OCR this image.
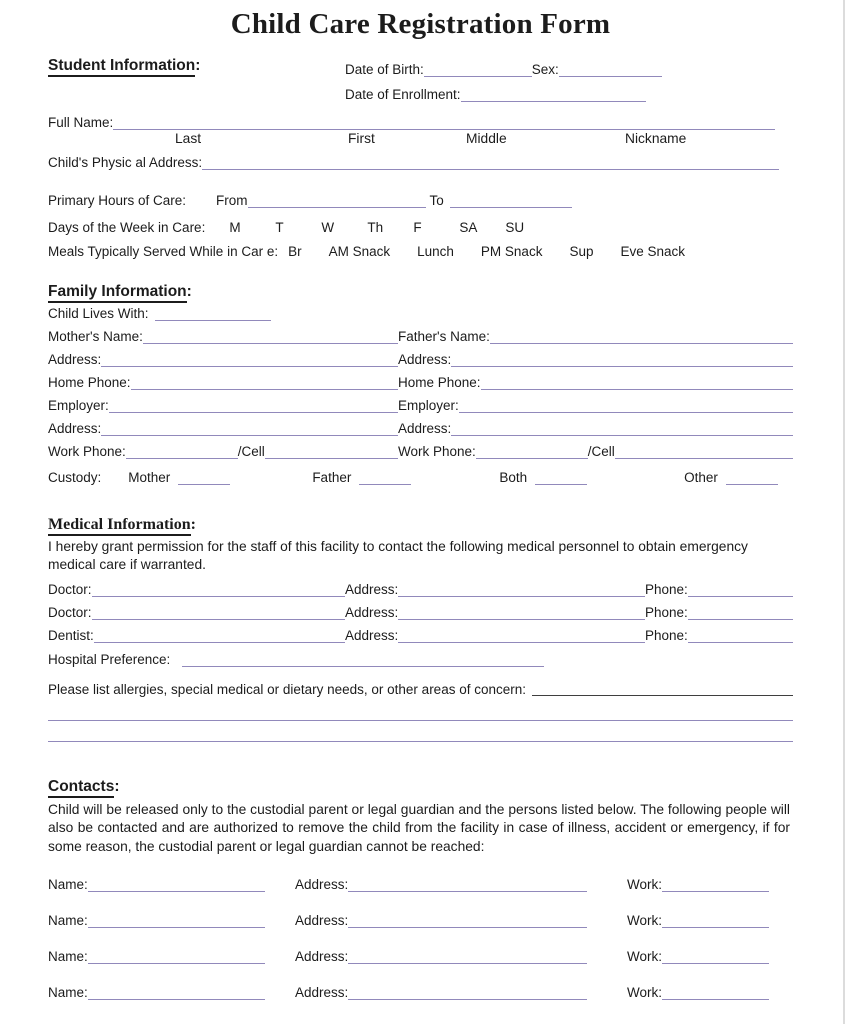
Child Care Registration Form
Student Information:	Date of Birth:	Sex:
Date of Enrollment:
Full Name:
Last	First	Middle	Nickname
Child's Physic al Address:
Primary Hours of Care: From	To
Days of the Week in Care: M	T	W	Th	F	SA	SU
Meals Typically Served While in Car e: Br AM Snack Lunch PM Snack Sup Eve Snack
Family Information:
Child Lives With:
Mother's Name:	Father's Name:
Address:	Address:
Home Phone:	Home Phone:
Employer:	Employer:
Address:	Address:
Work Phone:	/Cell	Work Phone:	/Cell
Custody: Mother	Father	Both	Other
Medical Information:
I hereby grant permission for the staff of this facility to contact the following medical personnel to obtain emergency medical care if warranted.
Doctor:	Address:	Phone:
Doctor:	Address:	Phone:
Dentist:	Address:	Phone:
Hospital Preference:
Please list allergies, special medical or dietary needs, or other areas of concern:
Contacts:
Child will be released only to the custodial parent or legal guardian and the persons listed below. The following people will also be contacted and are authorized to remove the child from the facility in case of illness, accident or emergency, if for some reason, the custodial parent or legal guardian cannot be reached:
Name:	Address:	Work:
Name:	Address:	Work:
Name:	Address:	Work:
Name:	Address:	Work:
